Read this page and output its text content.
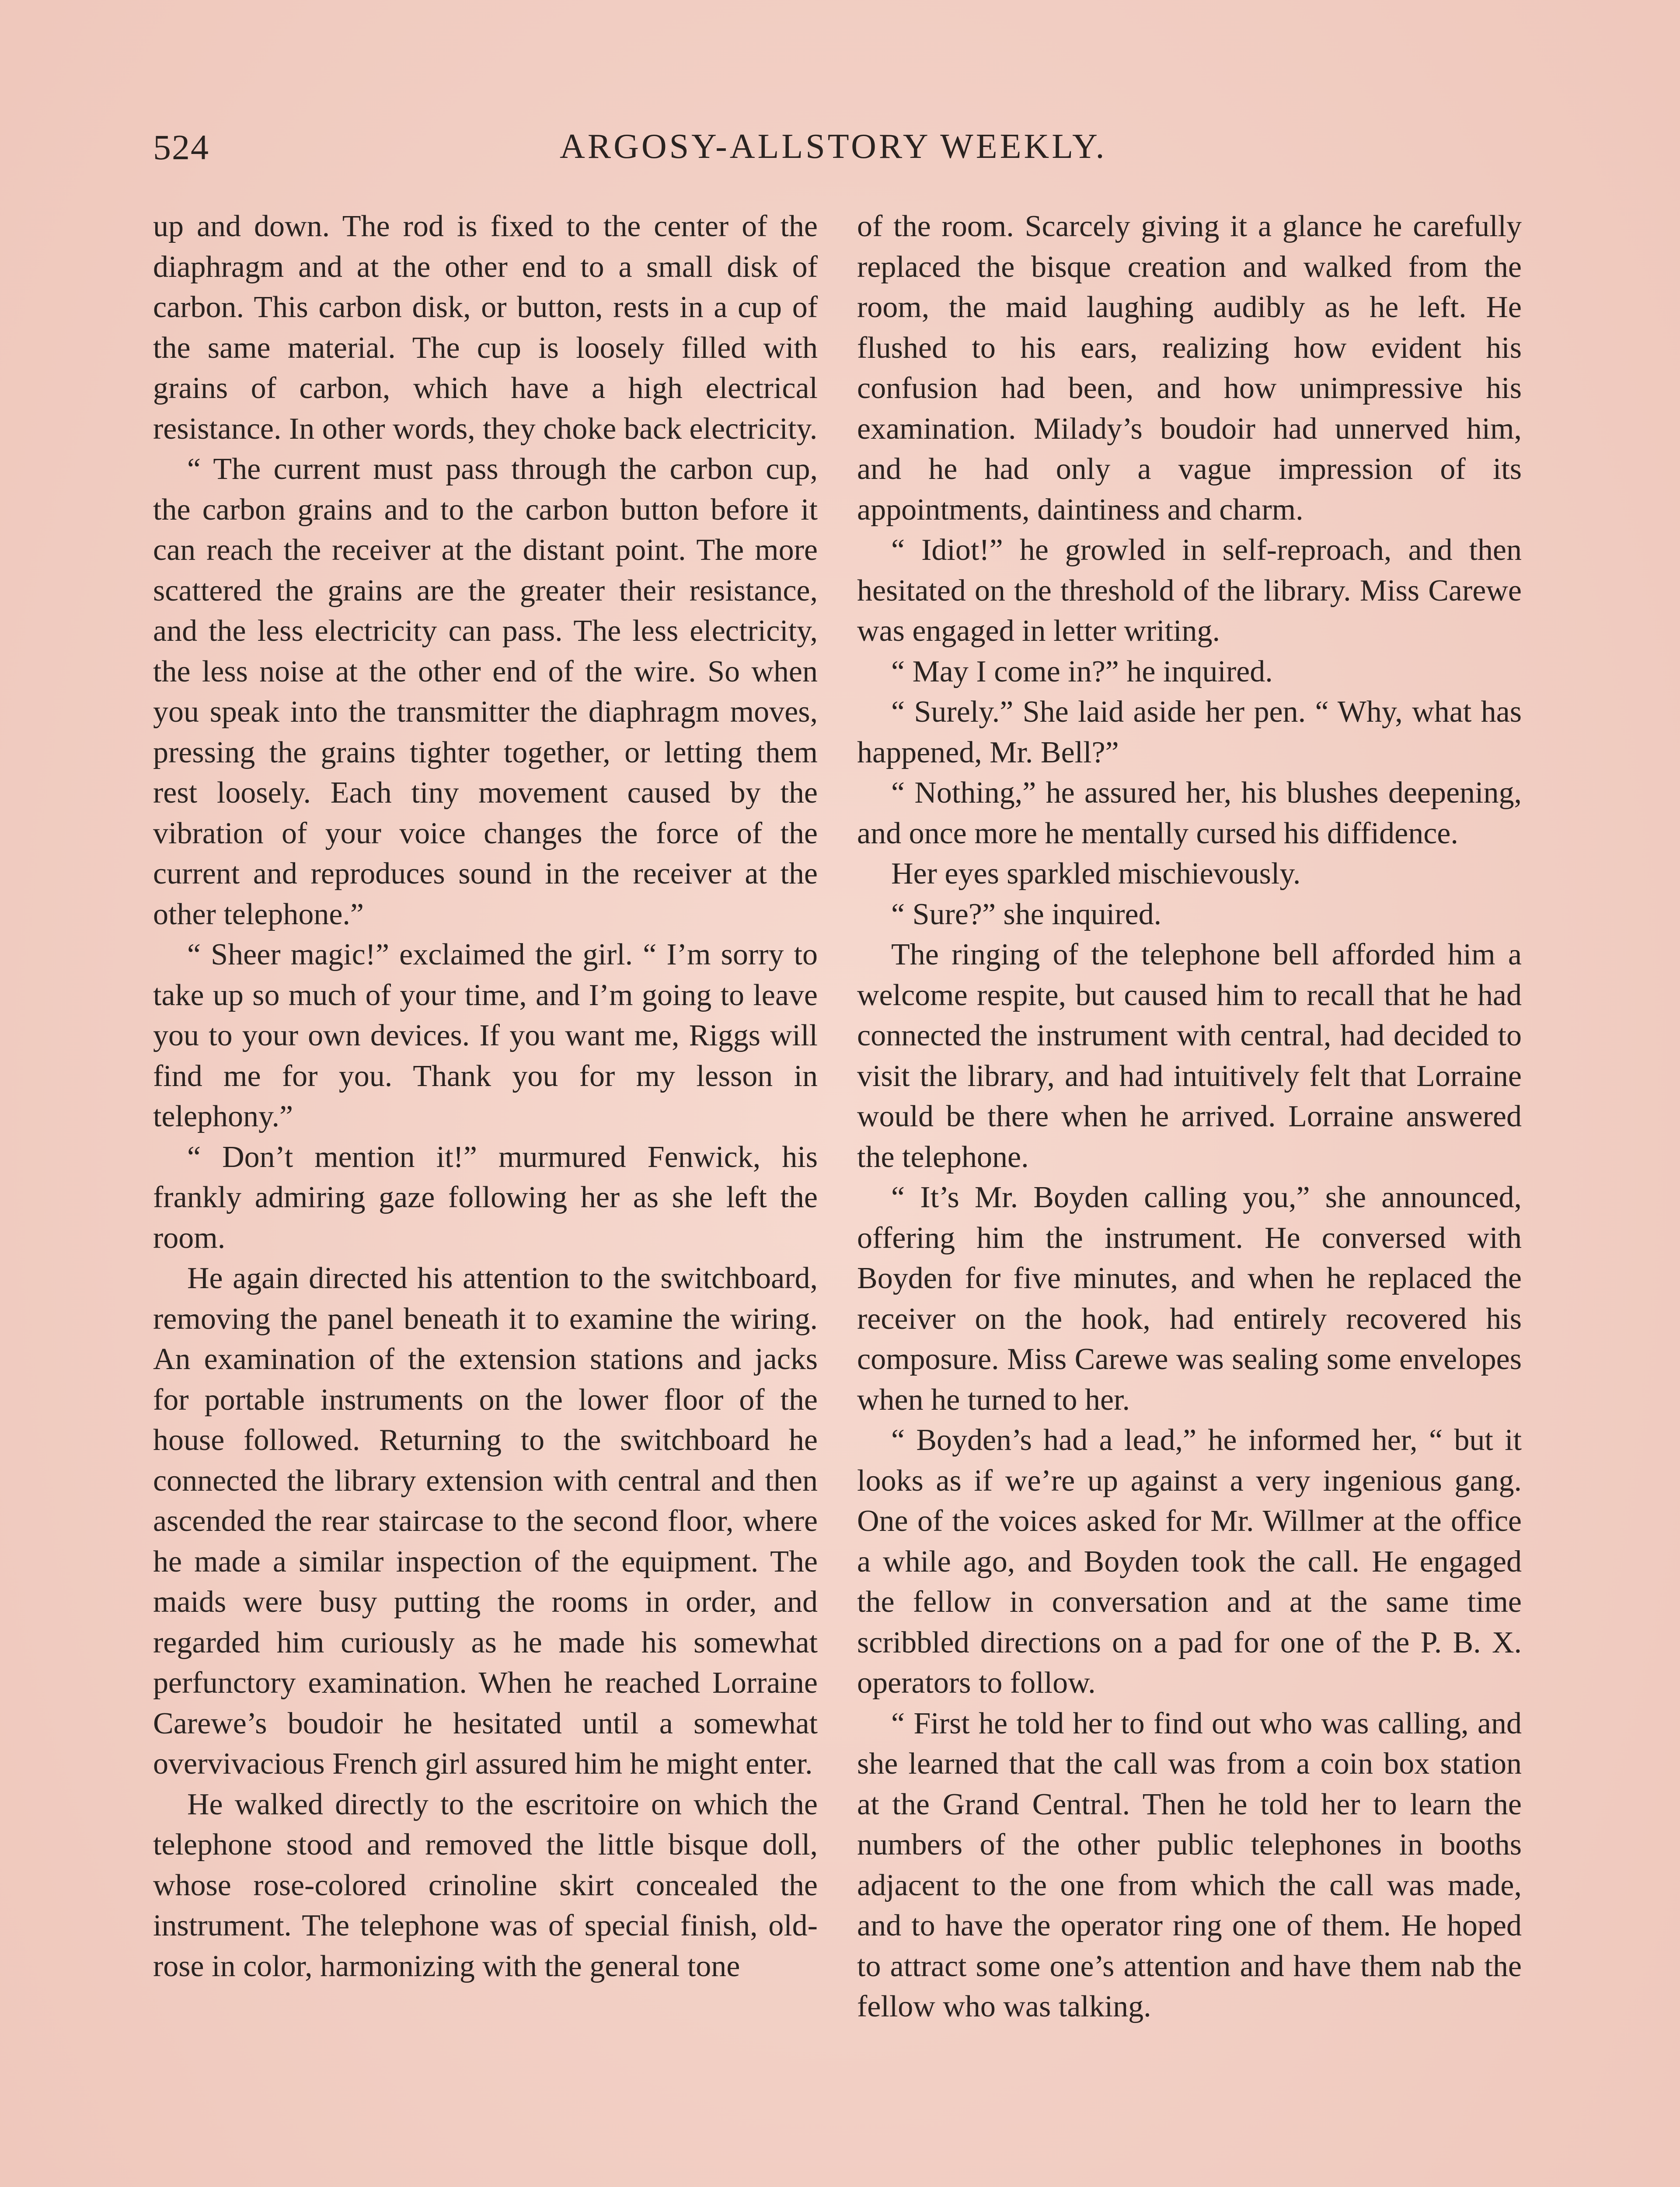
524	ARGOSY-ALLSTORY WEEKLY.

up and down. The rod is fixed to the center of the diaphragm and at the other end to a small disk of carbon. This carbon disk, or button, rests in a cup of the same material. The cup is loosely filled with grains of carbon, which have a high electrical resistance. In other words, they choke back electricity.

“ The current must pass through the carbon cup, the carbon grains and to the carbon button before it can reach the receiver at the distant point. The more scattered the grains are the greater their resistance, and the less electricity can pass. The less electricity, the less noise at the other end of the wire. So when you speak into the transmitter the diaphragm moves, pressing the grains tighter together, or letting them rest loosely. Each tiny movement caused by the vibration of your voice changes the force of the current and reproduces sound in the receiver at the other telephone.”

“ Sheer magic!” exclaimed the girl. “ I’m sorry to take up so much of your time, and I’m going to leave you to your own devices. If you want me, Riggs will find me for you. Thank you for my lesson in telephony.”

“ Don’t mention it!” murmured Fenwick, his frankly admiring gaze following her as she left the room.

He again directed his attention to the switchboard, removing the panel beneath it to examine the wiring. An examination of the extension stations and jacks for portable instruments on the lower floor of the house followed. Returning to the switchboard he connected the library extension with central and then ascended the rear staircase to the second floor, where he made a similar inspection of the equipment. The maids were busy putting the rooms in order, and regarded him curiously as he made his somewhat perfunctory examination. When he reached Lorraine Carewe’s boudoir he hesitated until a somewhat overvivacious French girl assured him he might enter.

He walked directly to the escritoire on which the telephone stood and removed the little bisque doll, whose rose-colored crinoline skirt concealed the instrument. The telephone was of special finish, old-rose in color, harmonizing with the general tone

of the room. Scarcely giving it a glance he carefully replaced the bisque creation and walked from the room, the maid laughing audibly as he left. He flushed to his ears, realizing how evident his confusion had been, and how unimpressive his examination. Milady’s boudoir had unnerved him, and he had only a vague impression of its appointments, daintiness and charm.

“ Idiot!” he growled in self-reproach, and then hesitated on the threshold of the library. Miss Carewe was engaged in letter writing.

“ May I come in?” he inquired.

“ Surely.” She laid aside her pen. “ Why, what has happened, Mr. Bell?”

“ Nothing,” he assured her, his blushes deepening, and once more he mentally cursed his diffidence.

Her eyes sparkled mischievously.

“ Sure?” she inquired.

The ringing of the telephone bell afforded him a welcome respite, but caused him to recall that he had connected the instrument with central, had decided to visit the library, and had intuitively felt that Lorraine would be there when he arrived. Lorraine answered the telephone.

“ It’s Mr. Boyden calling you,” she announced, offering him the instrument. He conversed with Boyden for five minutes, and when he replaced the receiver on the hook, had entirely recovered his composure. Miss Carewe was sealing some envelopes when he turned to her.

“ Boyden’s had a lead,” he informed her, “ but it looks as if we’re up against a very ingenious gang. One of the voices asked for Mr. Willmer at the office a while ago, and Boyden took the call. He engaged the fellow in conversation and at the same time scribbled directions on a pad for one of the P. B. X. operators to follow.

“ First he told her to find out who was calling, and she learned that the call was from a coin box station at the Grand Central. Then he told her to learn the numbers of the other public telephones in booths adjacent to the one from which the call was made, and to have the operator ring one of them. He hoped to attract some one’s attention and have them nab the fellow who was talking.
